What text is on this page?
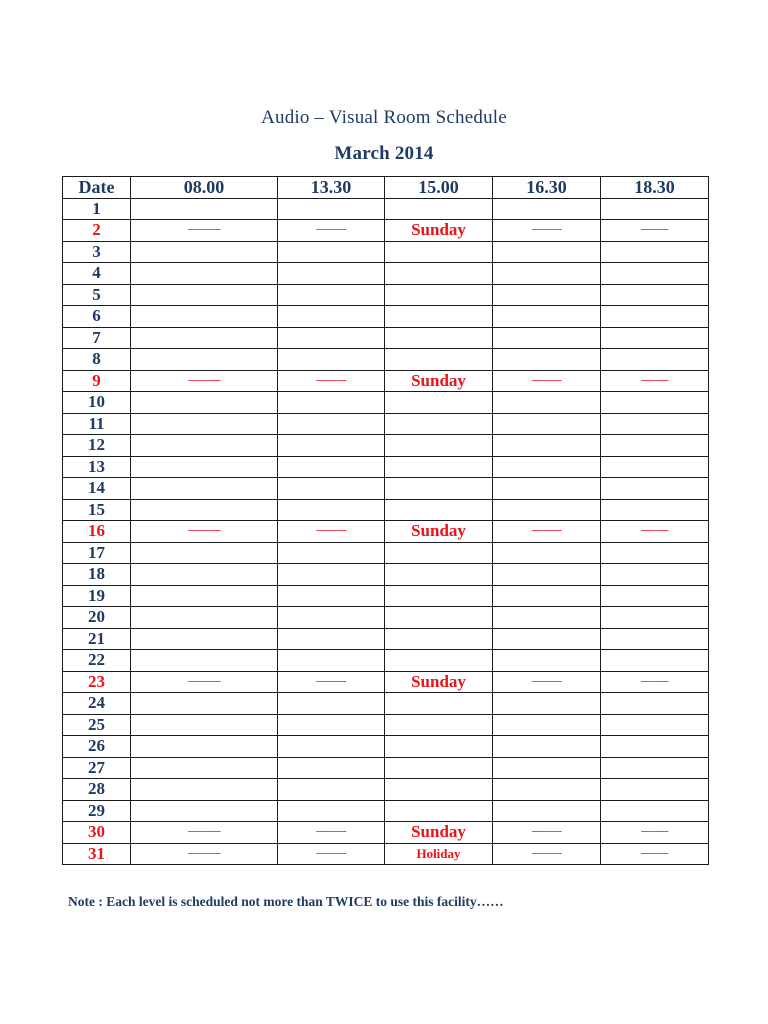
Audio – Visual Room Schedule
March 2014
Date	08.00	13.30	15.00	16.30	18.30
1					
2	------------	-----------	Sunday	-----------	----------
3					
4					
5					
6					
7					
8					
9	------------	-----------	Sunday	-----------	----------
10					
11					
12					
13					
14					
15					
16	------------	-----------	Sunday	-----------	----------
17					
18					
19					
20					
21					
22					
23	------------	-----------	Sunday	-----------	----------
24					
25					
26					
27					
28					
29					
30	------------	-----------	Sunday	-----------	----------
31	------------	-----------	Holiday	-----------	----------
Note : Each level is scheduled not more than TWICE to use this facility……
